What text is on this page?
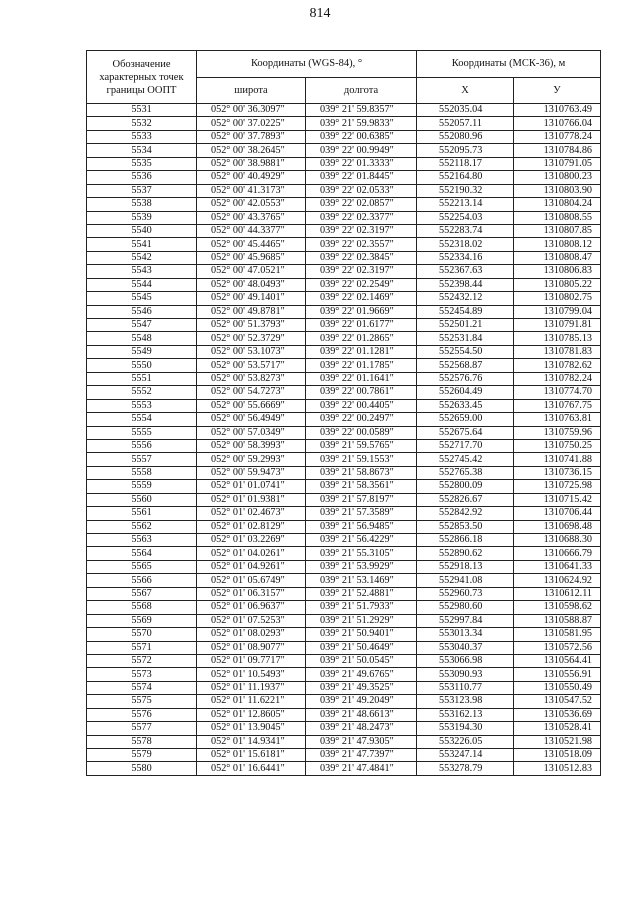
814
Обозначение характерных точек границы ООПТ	Координаты (WGS-84), °		Координаты (МСК-36), м	
	широта	долгота	X	У
5531	052° 00' 36.3097"	039° 21' 59.8357"	552035.04	1310763.49
5532	052° 00' 37.0225"	039° 21' 59.9833"	552057.11	1310766.04
5533	052° 00' 37.7893"	039° 22' 00.6385"	552080.96	1310778.24
5534	052° 00' 38.2645"	039° 22' 00.9949"	552095.73	1310784.86
5535	052° 00' 38.9881"	039° 22' 01.3333"	552118.17	1310791.05
5536	052° 00' 40.4929"	039° 22' 01.8445"	552164.80	1310800.23
5537	052° 00' 41.3173"	039° 22' 02.0533"	552190.32	1310803.90
5538	052° 00' 42.0553"	039° 22' 02.0857"	552213.14	1310804.24
5539	052° 00' 43.3765"	039° 22' 02.3377"	552254.03	1310808.55
5540	052° 00' 44.3377"	039° 22' 02.3197"	552283.74	1310807.85
5541	052° 00' 45.4465"	039° 22' 02.3557"	552318.02	1310808.12
5542	052° 00' 45.9685"	039° 22' 02.3845"	552334.16	1310808.47
5543	052° 00' 47.0521"	039° 22' 02.3197"	552367.63	1310806.83
5544	052° 00' 48.0493"	039° 22' 02.2549"	552398.44	1310805.22
5545	052° 00' 49.1401"	039° 22' 02.1469"	552432.12	1310802.75
5546	052° 00' 49.8781"	039° 22' 01.9669"	552454.89	1310799.04
5547	052° 00' 51.3793"	039° 22' 01.6177"	552501.21	1310791.81
5548	052° 00' 52.3729"	039° 22' 01.2865"	552531.84	1310785.13
5549	052° 00' 53.1073"	039° 22' 01.1281"	552554.50	1310781.83
5550	052° 00' 53.5717"	039° 22' 01.1785"	552568.87	1310782.62
5551	052° 00' 53.8273"	039° 22' 01.1641"	552576.76	1310782.24
5552	052° 00' 54.7273"	039° 22' 00.7861"	552604.49	1310774.70
5553	052° 00' 55.6669"	039° 22' 00.4405"	552633.45	1310767.75
5554	052° 00' 56.4949"	039° 22' 00.2497"	552659.00	1310763.81
5555	052° 00' 57.0349"	039° 22' 00.0589"	552675.64	1310759.96
5556	052° 00' 58.3993"	039° 21' 59.5765"	552717.70	1310750.25
5557	052° 00' 59.2993"	039° 21' 59.1553"	552745.42	1310741.88
5558	052° 00' 59.9473"	039° 21' 58.8673"	552765.38	1310736.15
5559	052° 01' 01.0741"	039° 21' 58.3561"	552800.09	1310725.98
5560	052° 01' 01.9381"	039° 21' 57.8197"	552826.67	1310715.42
5561	052° 01' 02.4673"	039° 21' 57.3589"	552842.92	1310706.44
5562	052° 01' 02.8129"	039° 21' 56.9485"	552853.50	1310698.48
5563	052° 01' 03.2269"	039° 21' 56.4229"	552866.18	1310688.30
5564	052° 01' 04.0261"	039° 21' 55.3105"	552890.62	1310666.79
5565	052° 01' 04.9261"	039° 21' 53.9929"	552918.13	1310641.33
5566	052° 01' 05.6749"	039° 21' 53.1469"	552941.08	1310624.92
5567	052° 01' 06.3157"	039° 21' 52.4881"	552960.73	1310612.11
5568	052° 01' 06.9637"	039° 21' 51.7933"	552980.60	1310598.62
5569	052° 01' 07.5253"	039° 21' 51.2929"	552997.84	1310588.87
5570	052° 01' 08.0293"	039° 21' 50.9401"	553013.34	1310581.95
5571	052° 01' 08.9077"	039° 21' 50.4649"	553040.37	1310572.56
5572	052° 01' 09.7717"	039° 21' 50.0545"	553066.98	1310564.41
5573	052° 01' 10.5493"	039° 21' 49.6765"	553090.93	1310556.91
5574	052° 01' 11.1937"	039° 21' 49.3525"	553110.77	1310550.49
5575	052° 01' 11.6221"	039° 21' 49.2049"	553123.98	1310547.52
5576	052° 01' 12.8605"	039° 21' 48.6613"	553162.13	1310536.69
5577	052° 01' 13.9045"	039° 21' 48.2473"	553194.30	1310528.41
5578	052° 01' 14.9341"	039° 21' 47.9305"	553226.05	1310521.98
5579	052° 01' 15.6181"	039° 21' 47.7397"	553247.14	1310518.09
5580	052° 01' 16.6441"	039° 21' 47.4841"	553278.79	1310512.83
